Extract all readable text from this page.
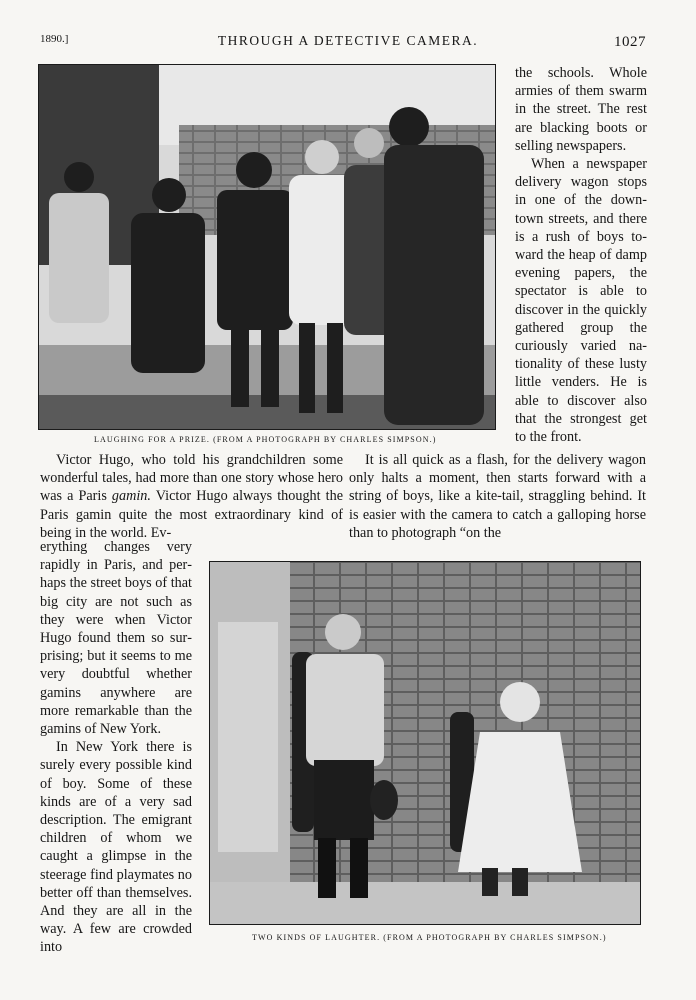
1890.]	THROUGH A DETECTIVE CAMERA.	1027
LAUGHING FOR A PRIZE. (FROM A PHOTOGRAPH BY CHARLES SIMPSON.)

the schools. Whole armies of them swarm in the street. The rest are blacking boots or selling newspapers.

When a newspaper delivery wagon stops in one of the downtown streets, and there is a rush of boys toward the heap of damp evening papers, the spectator is able to discover in the quickly gathered group the curiously varied nationality of these lusty little venders. He is able to discover also that the strongest get to the front.

Victor Hugo, who told his grandchildren some wonderful tales, had more than one story whose hero was a Paris gamin. Victor Hugo always thought the Paris gamin quite the most extraordinary kind of being in the world. Ev-

It is all quick as a flash, for the delivery wagon only halts a moment, then starts forward with a string of boys, like a kite-tail, straggling behind. It is easier with the camera to catch a galloping horse than to photograph “on the

erything changes very rapidly in Paris, and perhaps the street boys of that big city are not such as they were when Victor Hugo found them so surprising; but it seems to me very doubtful whether gamins anywhere are more remarkable than the gamins of New York.

In New York there is surely every possible kind of boy. Some of these kinds are of a very sad description. The emigrant children of whom we caught a glimpse in the steerage find playmates no better off than themselves. And they are all in the way. A few are crowded into

TWO KINDS OF LAUGHTER. (FROM A PHOTOGRAPH BY CHARLES SIMPSON.)
